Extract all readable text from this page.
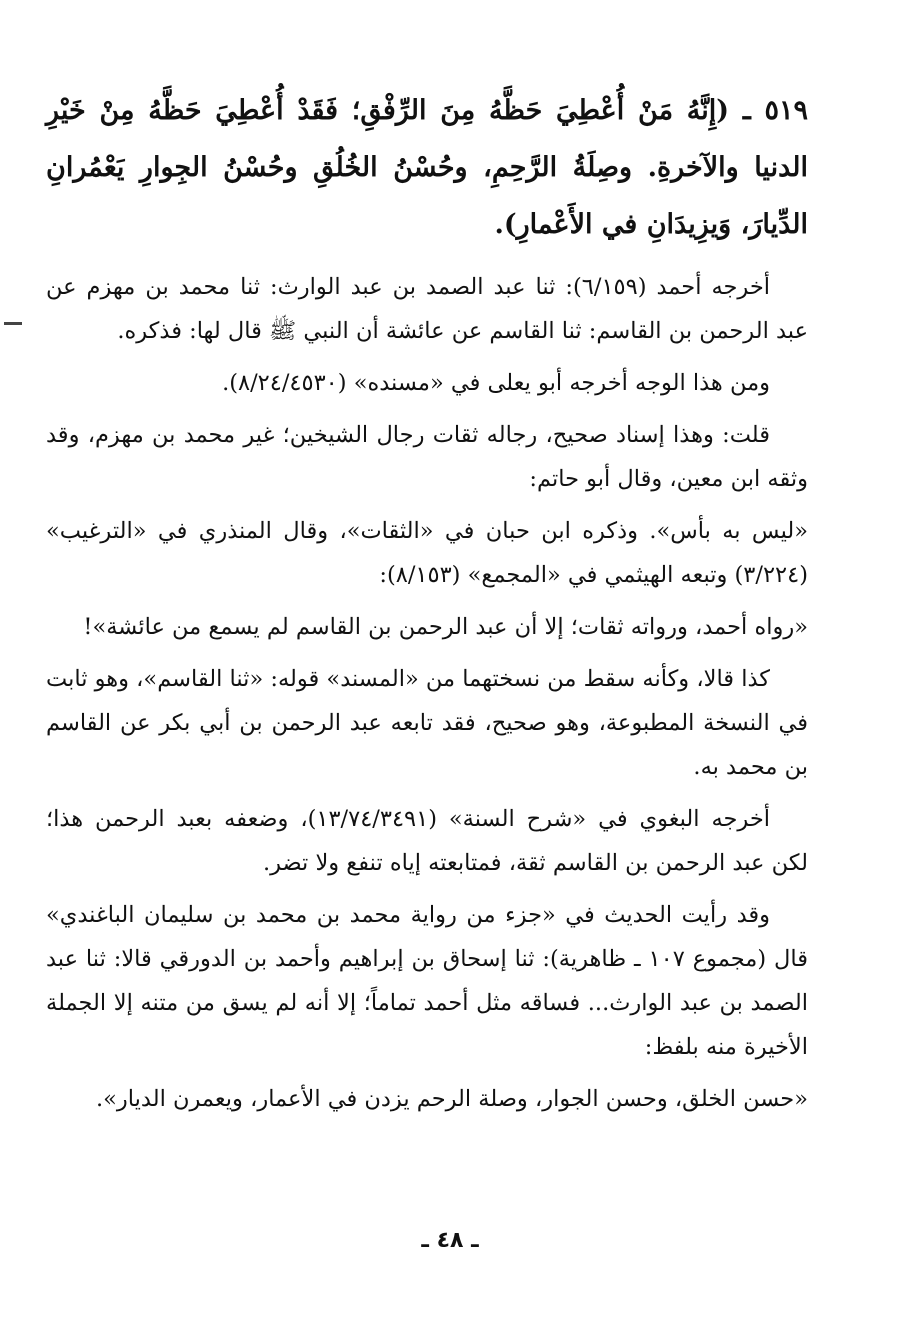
٥١٩ ـ (إِنَّهُ مَنْ أُعْطِيَ حَظَّهُ مِنَ الرِّفْقِ؛ فَقَدْ أُعْطِيَ حَظَّهُ مِنْ خَيْرِ الدنيا والآخرةِ. وصِلَةُ الرَّحِمِ، وحُسْنُ الخُلُقِ وحُسْنُ الجِوارِ يَعْمُرانِ الدِّيارَ، وَيزِيدَانِ في الأَعْمارِ).

أخرجه أحمد (٦/١٥٩): ثنا عبد الصمد بن عبد الوارث: ثنا محمد بن مهزم عن عبد الرحمن بن القاسم: ثنا القاسم عن عائشة أن النبي ﷺ قال لها: فذكره.

ومن هذا الوجه أخرجه أبو يعلى في «مسنده» (٨/٢٤/٤٥٣٠).

قلت: وهذا إسناد صحيح، رجاله ثقات رجال الشيخين؛ غير محمد بن مهزم، وقد وثقه ابن معين، وقال أبو حاتم:

«ليس به بأس». وذكره ابن حبان في «الثقات»، وقال المنذري في «الترغيب» (٣/٢٢٤) وتبعه الهيثمي في «المجمع» (٨/١٥٣):

«رواه أحمد، ورواته ثقات؛ إلا أن عبد الرحمن بن القاسم لم يسمع من عائشة»!

كذا قالا، وكأنه سقط من نسختهما من «المسند» قوله: «ثنا القاسم»، وهو ثابت في النسخة المطبوعة، وهو صحيح، فقد تابعه عبد الرحمن بن أبي بكر عن القاسم بن محمد به.

أخرجه البغوي في «شرح السنة» (١٣/٧٤/٣٤٩١)، وضعفه بعبد الرحمن هذا؛ لكن عبد الرحمن بن القاسم ثقة، فمتابعته إياه تنفع ولا تضر.

وقد رأيت الحديث في «جزء من رواية محمد بن محمد بن سليمان الباغندي» قال (مجموع ١٠٧ ـ ظاهرية): ثنا إسحاق بن إبراهيم وأحمد بن الدورقي قالا: ثنا عبد الصمد بن عبد الوارث... فساقه مثل أحمد تماماً؛ إلا أنه لم يسق من متنه إلا الجملة الأخيرة منه بلفظ:

«حسن الخلق، وحسن الجوار، وصلة الرحم يزدن في الأعمار، ويعمرن الديار».

ـ ٤٨ ـ
